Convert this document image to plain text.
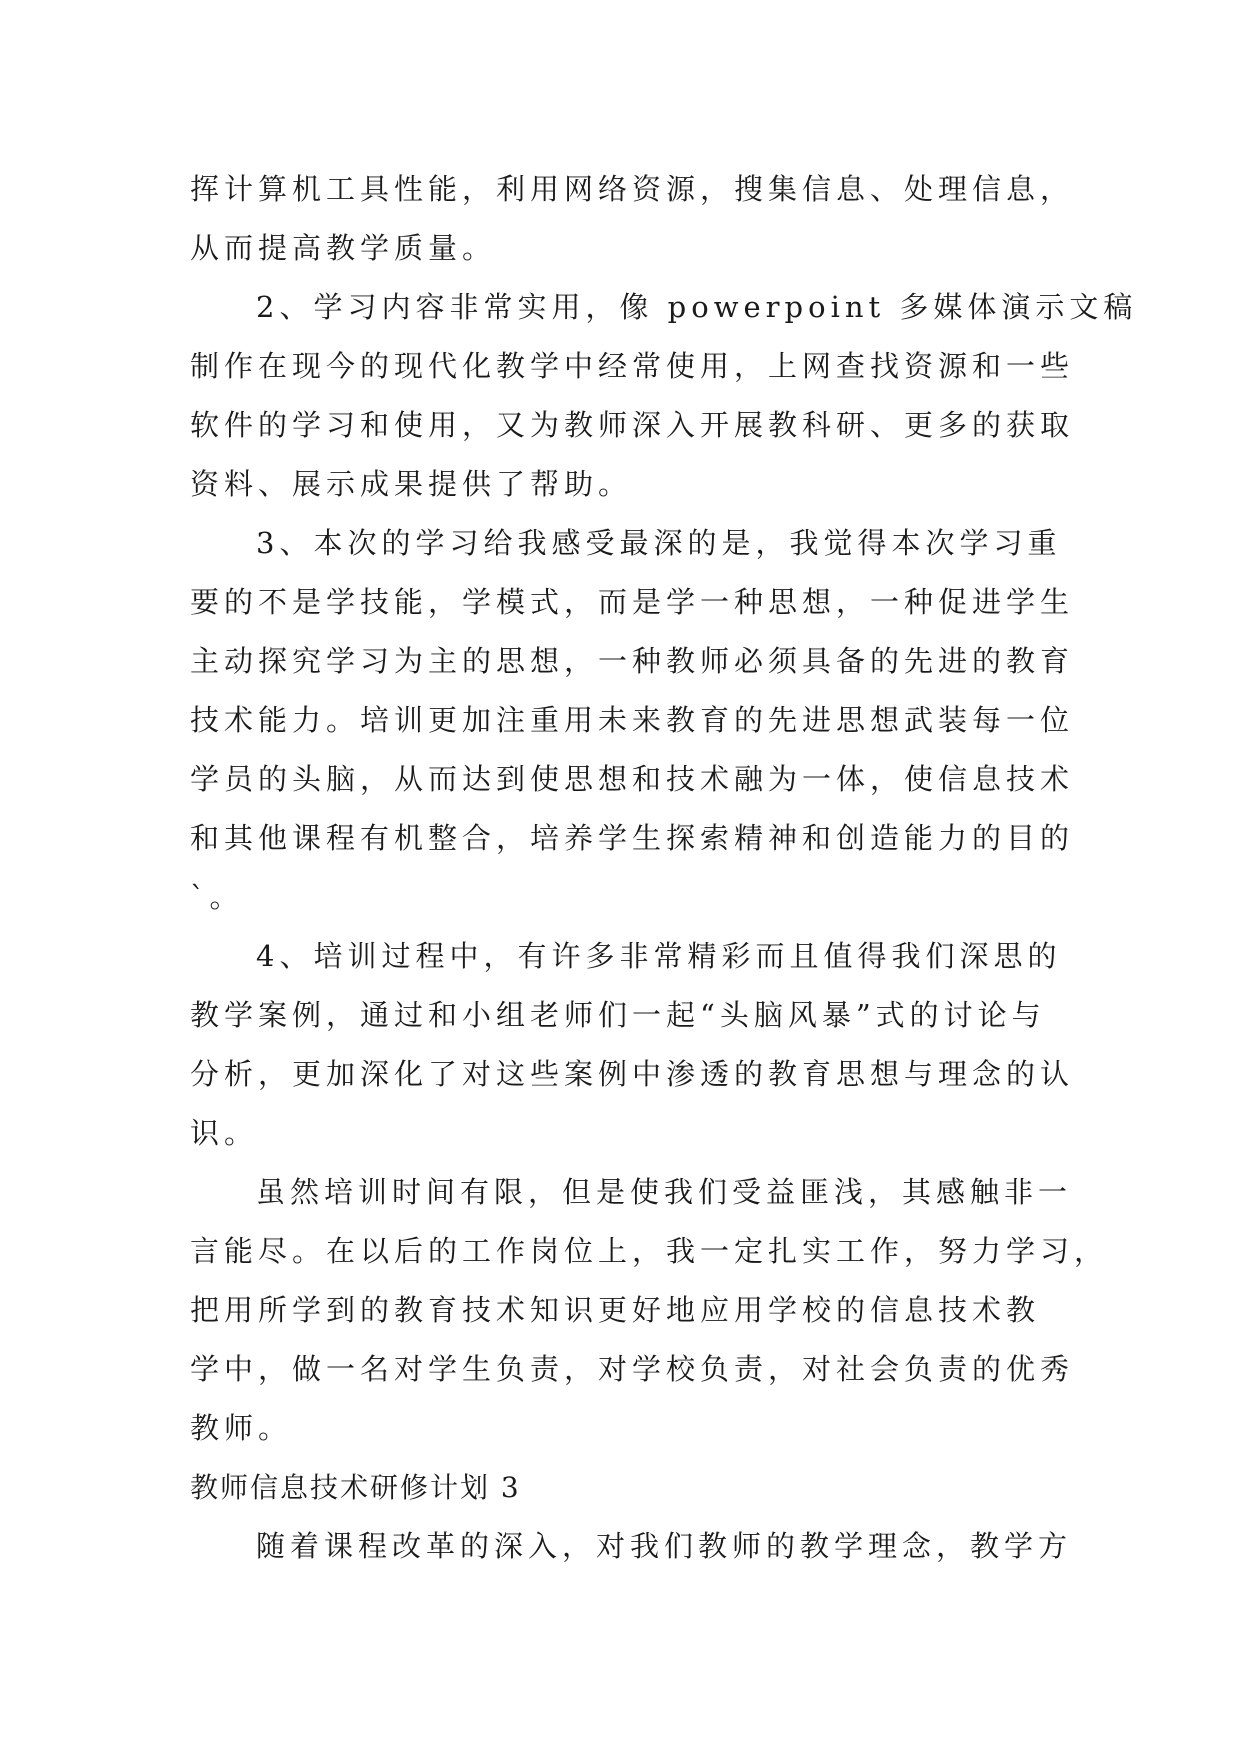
挥计算机工具性能，利用网络资源，搜集信息、处理信息，
从而提高教学质量。
2、学习内容非常实用，像 powerpoint 多媒体演示文稿
制作在现今的现代化教学中经常使用，上网查找资源和一些
软件的学习和使用，又为教师深入开展教科研、更多的获取
资料、展示成果提供了帮助。
3、本次的学习给我感受最深的是，我觉得本次学习重
要的不是学技能，学模式，而是学一种思想，一种促进学生
主动探究学习为主的思想，一种教师必须具备的先进的教育
技术能力。培训更加注重用未来教育的先进思想武装每一位
学员的头脑，从而达到使思想和技术融为一体，使信息技术
和其他课程有机整合，培养学生探索精神和创造能力的目的
`。
4、培训过程中，有许多非常精彩而且值得我们深思的
教学案例，通过和小组老师们一起“头脑风暴”式的讨论与
分析，更加深化了对这些案例中渗透的教育思想与理念的认
识。
虽然培训时间有限，但是使我们受益匪浅，其感触非一
言能尽。在以后的工作岗位上，我一定扎实工作，努力学习，
把用所学到的教育技术知识更好地应用学校的信息技术教
学中，做一名对学生负责，对学校负责，对社会负责的优秀
教师。
教师信息技术研修计划 3
随着课程改革的深入，对我们教师的教学理念，教学方
